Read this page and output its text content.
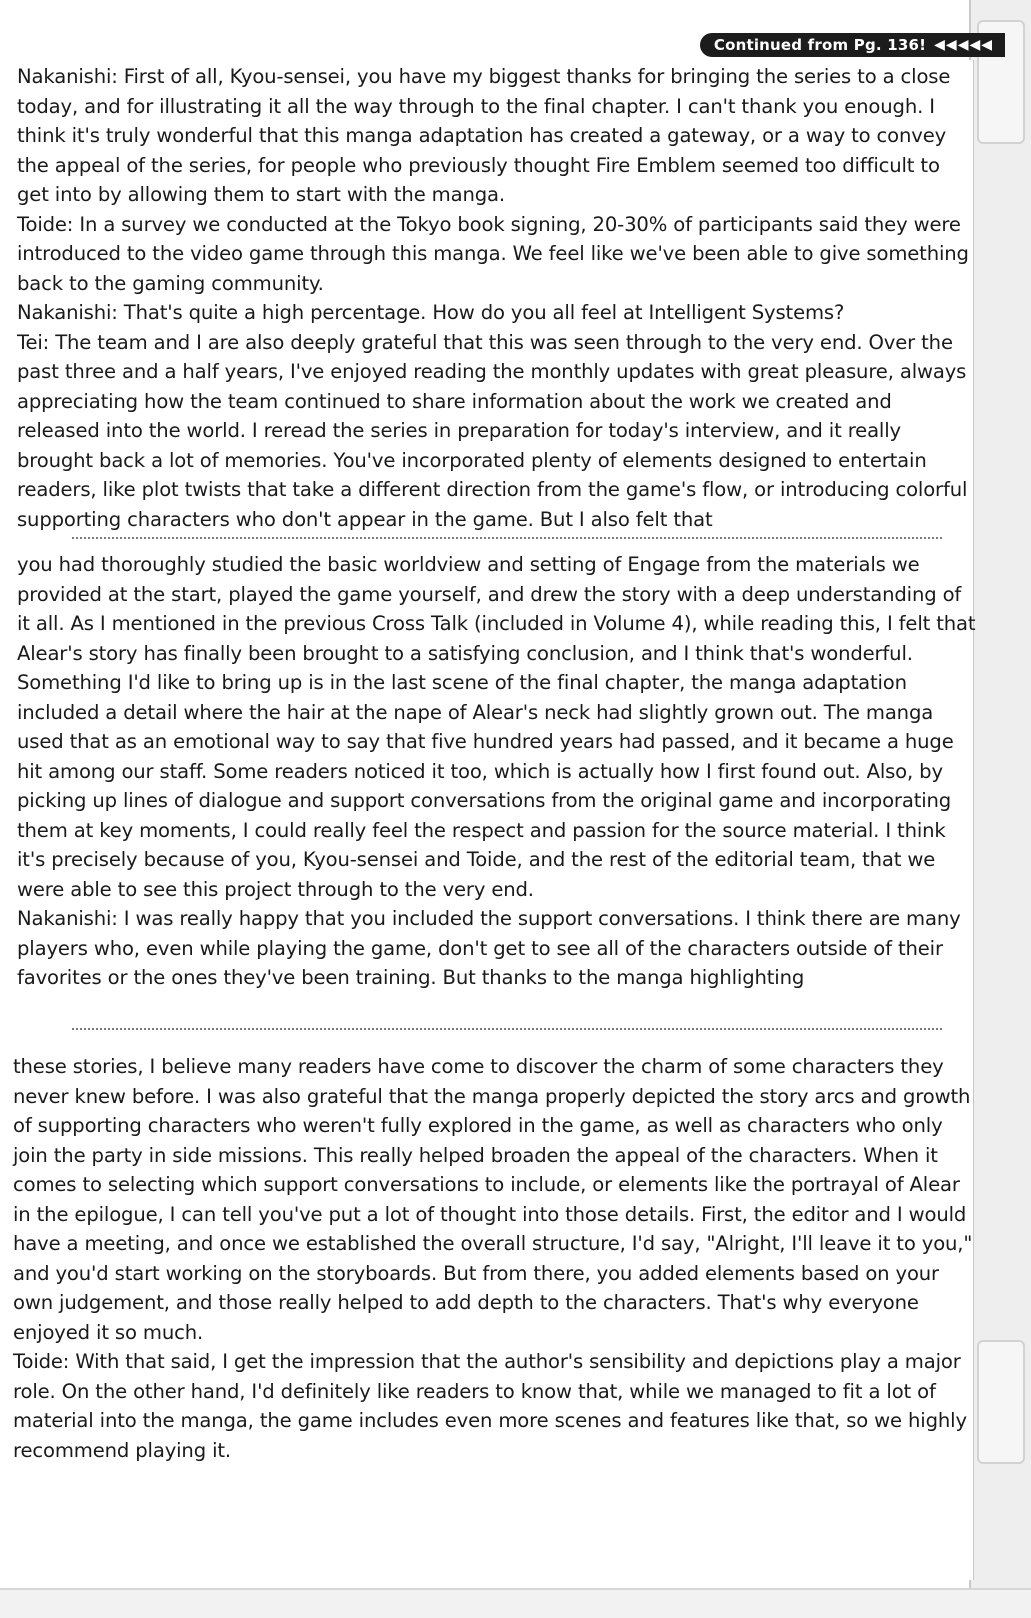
Continued from Pg. 136! ◀◀◀◀◀

Nakanishi: First of all, Kyou-sensei, you have my biggest thanks for bringing the series to a close today, and for illustrating it all the way through to the final chapter. I can't thank you enough. I think it's truly wonderful that this manga adaptation has created a gateway, or a way to convey the appeal of the series, for people who previously thought Fire Emblem seemed too difficult to get into by allowing them to start with the manga.

Toide: In a survey we conducted at the Tokyo book signing, 20-30% of participants said they were introduced to the video game through this manga. We feel like we've been able to give something back to the gaming community.

Nakanishi: That's quite a high percentage. How do you all feel at Intelligent Systems?

Tei: The team and I are also deeply grateful that this was seen through to the very end. Over the past three and a half years, I've enjoyed reading the monthly updates with great pleasure, always appreciating how the team continued to share information about the work we created and released into the world. I reread the series in preparation for today's interview, and it really brought back a lot of memories. You've incorporated plenty of elements designed to entertain readers, like plot twists that take a different direction from the game's flow, or introducing colorful supporting characters who don't appear in the game. But I also felt that

you had thoroughly studied the basic worldview and setting of Engage from the materials we provided at the start, played the game yourself, and drew the story with a deep understanding of it all. As I mentioned in the previous Cross Talk (included in Volume 4), while reading this, I felt that Alear's story has finally been brought to a satisfying conclusion, and I think that's wonderful. Something I'd like to bring up is in the last scene of the final chapter, the manga adaptation included a detail where the hair at the nape of Alear's neck had slightly grown out. The manga used that as an emotional way to say that five hundred years had passed, and it became a huge hit among our staff. Some readers noticed it too, which is actually how I first found out. Also, by picking up lines of dialogue and support conversations from the original game and incorporating them at key moments, I could really feel the respect and passion for the source material. I think it's precisely because of you, Kyou-sensei and Toide, and the rest of the editorial team, that we were able to see this project through to the very end.

Nakanishi: I was really happy that you included the support conversations. I think there are many players who, even while playing the game, don't get to see all of the characters outside of their favorites or the ones they've been training. But thanks to the manga highlighting

these stories, I believe many readers have come to discover the charm of some characters they never knew before. I was also grateful that the manga properly depicted the story arcs and growth of supporting characters who weren't fully explored in the game, as well as characters who only join the party in side missions. This really helped broaden the appeal of the characters. When it comes to selecting which support conversations to include, or elements like the portrayal of Alear in the epilogue, I can tell you've put a lot of thought into those details. First, the editor and I would have a meeting, and once we established the overall structure, I'd say, "Alright, I'll leave it to you," and you'd start working on the storyboards. But from there, you added elements based on your own judgement, and those really helped to add depth to the characters. That's why everyone enjoyed it so much.

Toide: With that said, I get the impression that the author's sensibility and depictions play a major role. On the other hand, I'd definitely like readers to know that, while we managed to fit a lot of material into the manga, the game includes even more scenes and features like that, so we highly recommend playing it.
